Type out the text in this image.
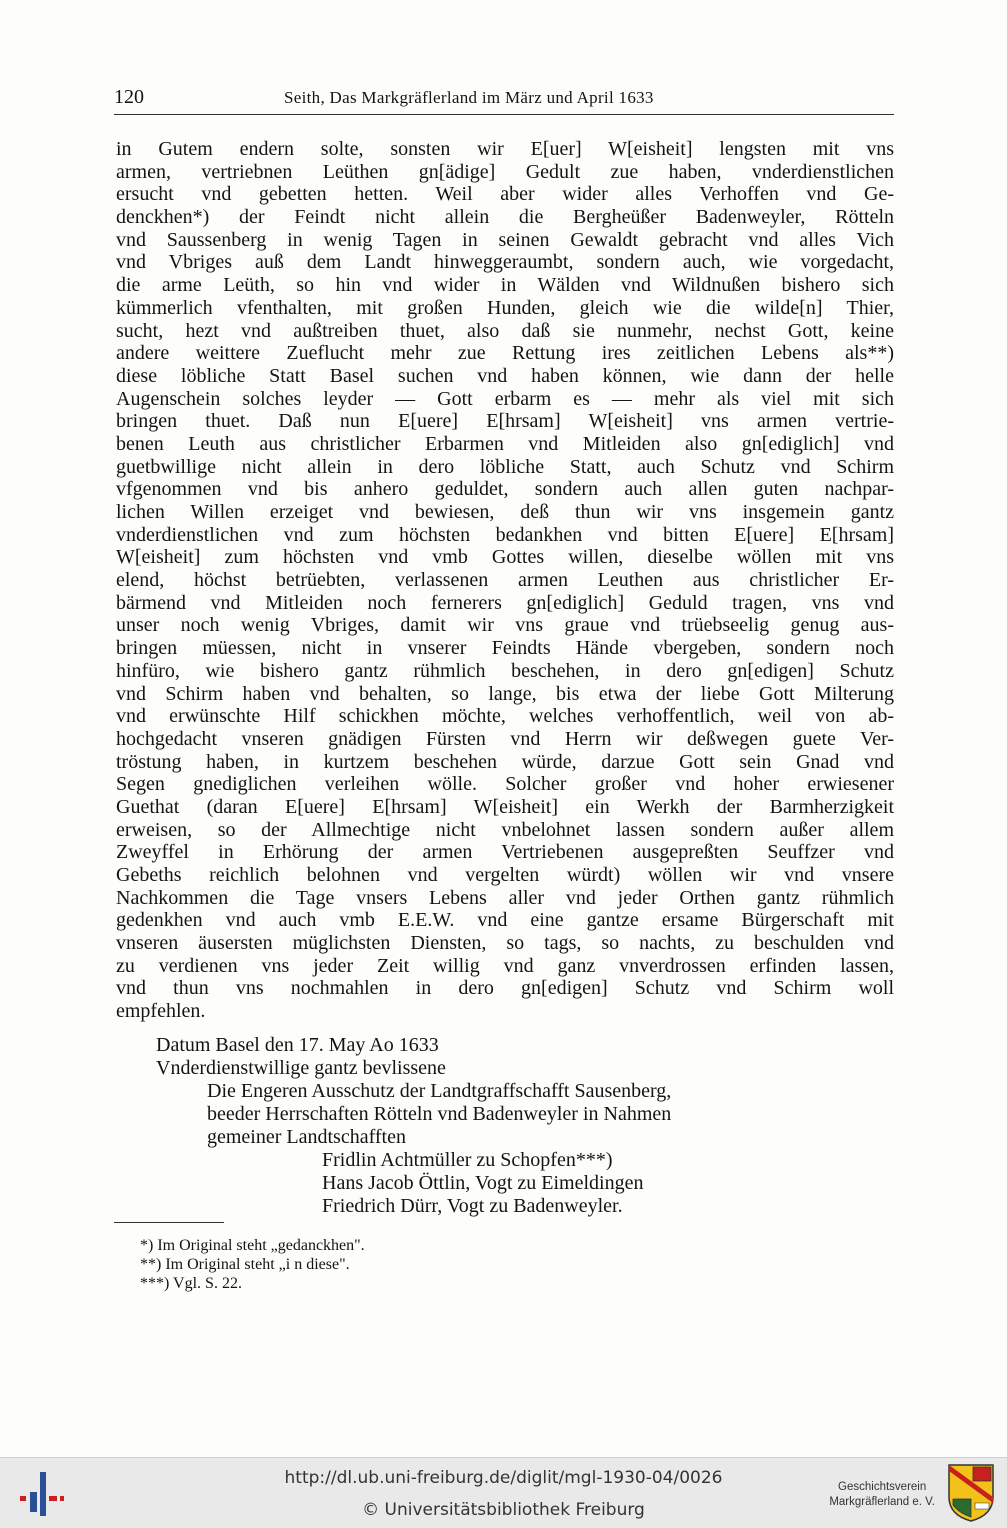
120	Seith, Das Markgräflerland im März und April 1633
in Gutem endern solte, sonsten wir E[uer] W[eisheit] lengsten mit vns
armen, vertriebnen Leüthen gn[ädige] Gedult zue haben, vnderdienstlichen
ersucht vnd gebetten hetten. Weil aber wider alles Verhoffen vnd Ge-
denckhen*) der Feindt nicht allein die Bergheüßer Badenweyler, Rötteln
vnd Saussenberg in wenig Tagen in seinen Gewaldt gebracht vnd alles Vich
vnd Vbriges auß dem Landt hinweggeraumbt, sondern auch, wie vorgedacht,
die arme Leüth, so hin vnd wider in Wälden vnd Wildnußen bishero sich
kümmerlich vfenthalten, mit großen Hunden, gleich wie die wilde[n] Thier,
sucht, hezt vnd außtreiben thuet, also daß sie nunmehr, nechst Gott, keine
andere weittere Zueflucht mehr zue Rettung ires zeitlichen Lebens als**)
diese löbliche Statt Basel suchen vnd haben können, wie dann der helle
Augenschein solches leyder — Gott erbarm es — mehr als viel mit sich
bringen thuet. Daß nun E[uere] E[hrsam] W[eisheit] vns armen vertrie-
benen Leuth aus christlicher Erbarmen vnd Mitleiden also gn[ediglich] vnd
guetbwillige nicht allein in dero löbliche Statt, auch Schutz vnd Schirm
vfgenommen vnd bis anhero geduldet, sondern auch allen guten nachpar-
lichen Willen erzeiget vnd bewiesen, deß thun wir vns insgemein gantz
vnderdienstlichen vnd zum höchsten bedankhen vnd bitten E[uere] E[hrsam]
W[eisheit] zum höchsten vnd vmb Gottes willen, dieselbe wöllen mit vns
elend, höchst betrüebten, verlassenen armen Leuthen aus christlicher Er-
bärmend vnd Mitleiden noch fernerers gn[ediglich] Geduld tragen, vns vnd
unser noch wenig Vbriges, damit wir vns graue vnd trüebseelig genug aus-
bringen müessen, nicht in vnserer Feindts Hände vbergeben, sondern noch
hinfüro, wie bishero gantz rühmlich beschehen, in dero gn[edigen] Schutz
vnd Schirm haben vnd behalten, so lange, bis etwa der liebe Gott Milterung
vnd erwünschte Hilf schickhen möchte, welches verhoffentlich, weil von ab-
hochgedacht vnseren gnädigen Fürsten vnd Herrn wir deßwegen guete Ver-
tröstung haben, in kurtzem beschehen würde, darzue Gott sein Gnad vnd
Segen gnediglichen verleihen wölle. Solcher großer vnd hoher erwiesener
Guethat (daran E[uere] E[hrsam] W[eisheit] ein Werkh der Barmherzigkeit
erweisen, so der Allmechtige nicht vnbelohnet lassen sondern außer allem
Zweyffel in Erhörung der armen Vertriebenen ausgepreßten Seuffzer vnd
Gebeths reichlich belohnen vnd vergelten würdt) wöllen wir vnd vnsere
Nachkommen die Tage vnsers Lebens aller vnd jeder Orthen gantz rühmlich
gedenkhen vnd auch vmb E.E.W. vnd eine gantze ersame Bürgerschaft mit
vnseren äusersten müglichsten Diensten, so tags, so nachts, zu beschulden vnd
zu verdienen vns jeder Zeit willig vnd ganz vnverdrossen erfinden lassen,
vnd thun vns nochmahlen in dero gn[edigen] Schutz vnd Schirm woll
empfehlen.
Datum Basel den 17. May Ao 1633
Vnderdienstwillige gantz bevlissene
Die Engeren Ausschutz der Landtgraffschafft Sausenberg,
beeder Herrschaften Rötteln vnd Badenweyler in Nahmen
gemeiner Landtschafften
Fridlin Achtmüller zu Schopfen***)
Hans Jacob Öttlin, Vogt zu Eimeldingen
Friedrich Dürr, Vogt zu Badenweyler.
*) Im Original steht „gedanckhen".
**) Im Original steht „i n diese".
***) Vgl. S. 22.
http://dl.ub.uni-freiburg.de/diglit/mgl-1930-04/0026
© Universitätsbibliothek Freiburg
Geschichtsverein
Markgräflerland e. V.
